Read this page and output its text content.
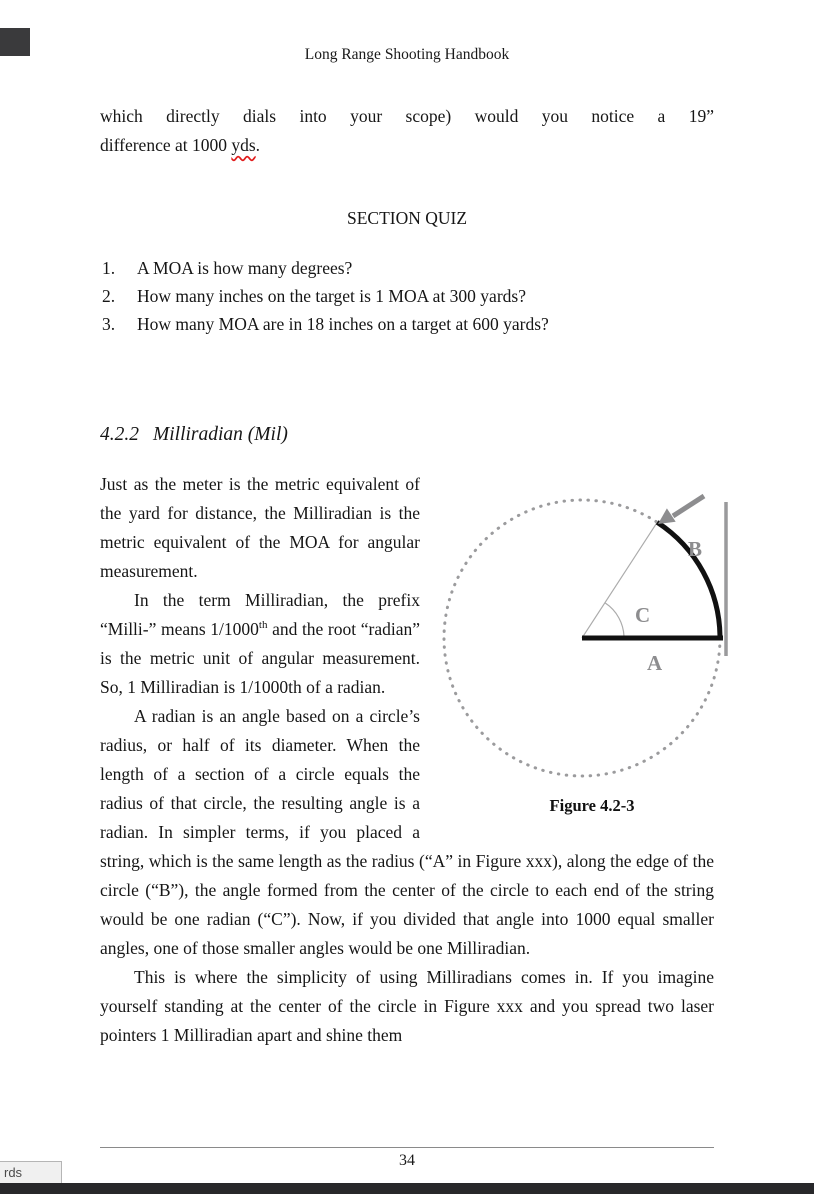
Long Range Shooting Handbook
which directly dials into your scope) would you notice a 19”difference at 1000 yds.
SECTION QUIZ
1.	A MOA is how many degrees?
2.	How many inches on the target is 1 MOA at 300 yards?
3.	How many MOA are in 18 inches on a target at 600 yards?
4.2.2 Milliradian (Mil)
A
B
C
Figure 4.2-3

Just as the meter is the metric equivalent of the yard for distance, the Milliradian is the metric equivalent of the MOA for angular measurement.

In the term Milliradian, the prefix “Milli-” means 1/1000th and the root “radian” is the metric unit of angular measurement. So, 1 Milliradian is 1/1000th of a radian.

A radian is an angle based on a circle’s radius, or half of its diameter. When the length of a section of a circle equals the radius of that circle, the resulting angle is a radian. In simpler terms, if you placed a string, which is the same length as the radius (“A” in Figure xxx), along the edge of the circle (“B”), the angle formed from the center of the circle to each end of the string would be one radian (“C”). Now, if you divided that angle into 1000 equal smaller angles, one of those smaller angles would be one Milliradian.

This is where the simplicity of using Milliradians comes in. If you imagine yourself standing at the center of the circle in Figure xxx and you spread two laser pointers 1 Milliradian apart and shine them

34
rds
